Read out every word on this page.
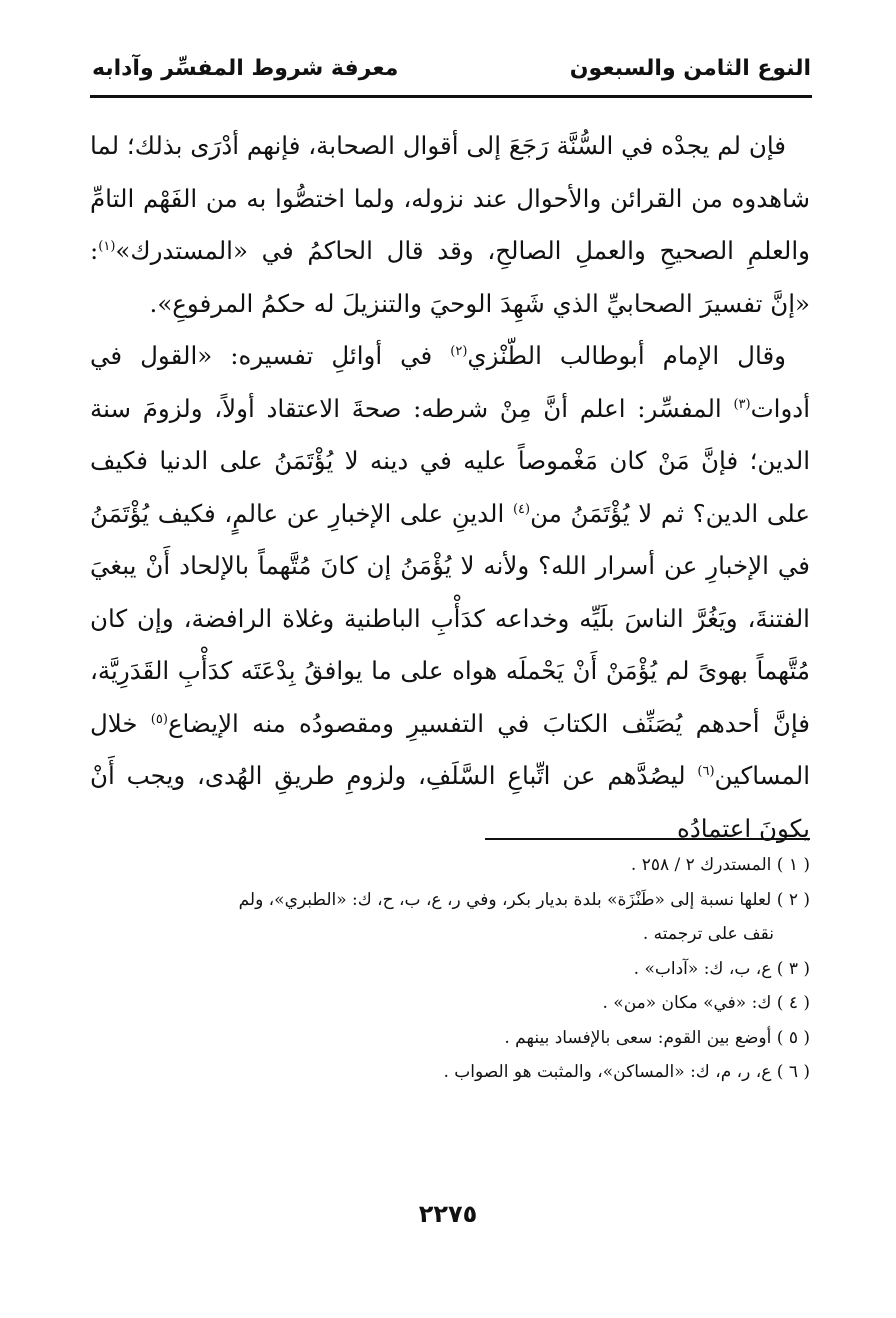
النوع الثامن والسبعون
معرفة شروط المفسِّر وآدابه

فإن لم يجدْه في السُّنَّة رَجَعَ إلى أقوال الصحابة، فإنهم أدْرَى بذلك؛ لما شاهدوه من القرائن والأحوال عند نزوله، ولما اختصُّوا به من الفَهْم التامِّ والعلمِ الصحيحِ والعملِ الصالحِ، وقد قال الحاكمُ في «المستدرك»$^{(١)}$: «إنَّ تفسيرَ الصحابيِّ الذي شَهِدَ الوحيَ والتنزيلَ له حكمُ المرفوعِ».

وقال الإمام أبوطالب الطّنْزي$^{(٢)}$ في أوائلِ تفسيره: «القول في أدوات$^{(٣)}$ المفسِّر: اعلم أنَّ مِنْ شرطه: صحةَ الاعتقاد أولاً، ولزومَ سنة الدين؛ فإنَّ مَنْ كان مَغْموصاً عليه في دينه لا يُؤْتَمَنُ على الدنيا فكيف على الدين؟ ثم لا يُؤْتَمَنُ من$^{(٤)}$ الدينِ على الإخبارِ عن عالمٍ، فكيف يُؤْتَمَنُ في الإخبارِ عن أسرار الله؟ ولأنه لا يُؤْمَنُ إن كانَ مُتَّهماً بالإلحاد أَنْ يبغيَ الفتنةَ، ويَغُرَّ الناسَ بلَيِّه وخداعه كدَأْبِ الباطنية وغلاة الرافضة، وإن كان مُتَّهماً بهوىً لم يُؤْمَنْ أَنْ يَحْملَه هواه على ما يوافقُ بِدْعَتَه كدَأْبِ القَدَرِيَّة، فإنَّ أحدهم يُصَنِّف الكتابَ في التفسيرِ ومقصودُه منه الإيضاع$^{(٥)}$ خلال المساكين$^{(٦)}$ ليصُدَّهم عن اتِّباعِ السَّلَفِ، ولزومِ طريقِ الهُدى، ويجب أَنْ يكونَ اعتمادُه

( ١ ) المستدرك ٢ / ٢٥٨ .
( ٢ ) لعلها نسبة إلى «طَنْزَة» بلدة بديار بكر، وفي ر، ع، ب، ح، ك: «الطبري»، ولم
نقف على ترجمته .
( ٣ ) ع، ب، ك: «آداب» .
( ٤ ) ك: «في» مكان «من» .
( ٥ ) أوضع بين القوم: سعى بالإفساد بينهم .
( ٦ ) ع، ر، م، ك: «المساكن»، والمثبت هو الصواب .
٢٢٧٥
